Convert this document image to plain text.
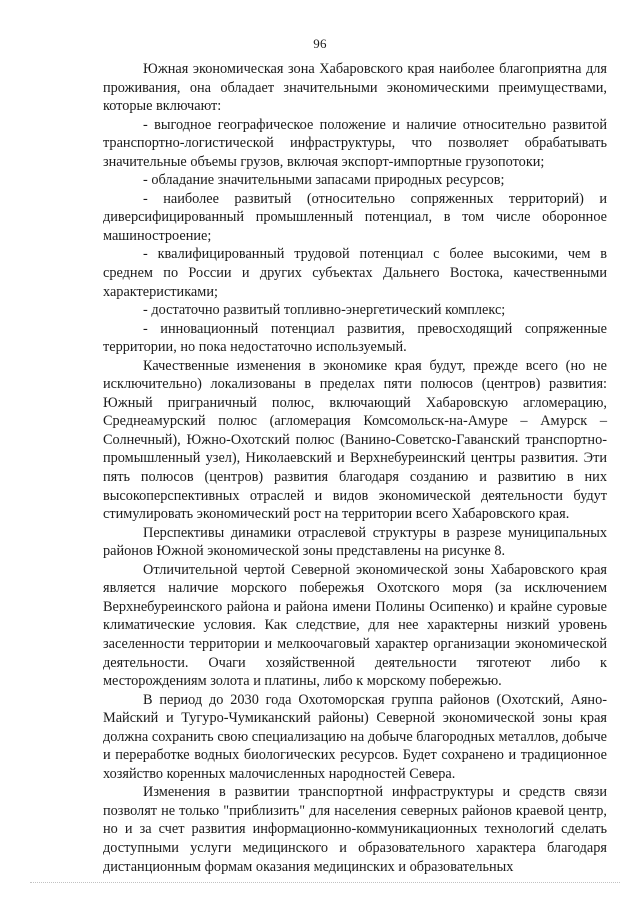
96

Южная экономическая зона Хабаровского края наиболее благоприятна для проживания, она обладает значительными экономическими преимуществами, которые включают:

- выгодное географическое положение и наличие относительно развитой транспортно-логистической инфраструктуры, что позволяет обрабатывать значительные объемы грузов, включая экспорт-импортные грузопотоки;

- обладание значительными запасами природных ресурсов;

- наиболее развитый (относительно сопряженных территорий) и диверсифицированный промышленный потенциал, в том числе оборонное машиностроение;

- квалифицированный трудовой потенциал с более высокими, чем в среднем по России и других субъектах Дальнего Востока, качественными характеристиками;

- достаточно развитый топливно-энергетический комплекс;

- инновационный потенциал развития, превосходящий сопряженные территории, но пока недостаточно используемый.

Качественные изменения в экономике края будут, прежде всего (но не исключительно) локализованы в пределах пяти полюсов (центров) развития: Южный приграничный полюс, включающий Хабаровскую агломерацию, Среднеамурский полюс (агломерация Комсомольск-на-Амуре – Амурск – Солнечный), Южно-Охотский полюс (Ванино-Советско-Гаванский транспортно-промышленный узел), Николаевский и Верхнебуреинский центры развития. Эти пять полюсов (центров) развития благодаря созданию и развитию в них высокоперспективных отраслей и видов экономической деятельности будут стимулировать экономический рост на территории всего Хабаровского края.

Перспективы динамики отраслевой структуры в разрезе муниципальных районов Южной экономической зоны представлены на рисунке 8.

Отличительной чертой Северной экономической зоны Хабаровского края является наличие морского побережья Охотского моря (за исключением Верхнебуреинского района и района имени Полины Осипенко) и крайне суровые климатические условия. Как следствие, для нее характерны низкий уровень заселенности территории и мелкоочаговый характер организации экономической деятельности. Очаги хозяйственной деятельности тяготеют либо к месторождениям золота и платины, либо к морскому побережью.

В период до 2030 года Охотоморская группа районов (Охотский, Аяно-Майский и Тугуро-Чумиканский районы) Северной экономической зоны края должна сохранить свою специализацию на добыче благородных металлов, добыче и переработке водных биологических ресурсов. Будет сохранено и традиционное хозяйство коренных малочисленных народностей Севера.

Изменения в развитии транспортной инфраструктуры и средств связи позволят не только "приблизить" для населения северных районов краевой центр, но и за счет развития информационно-коммуникационных технологий сделать доступными услуги медицинского и образовательного характера благодаря дистанционным формам оказания медицинских и образовательных
